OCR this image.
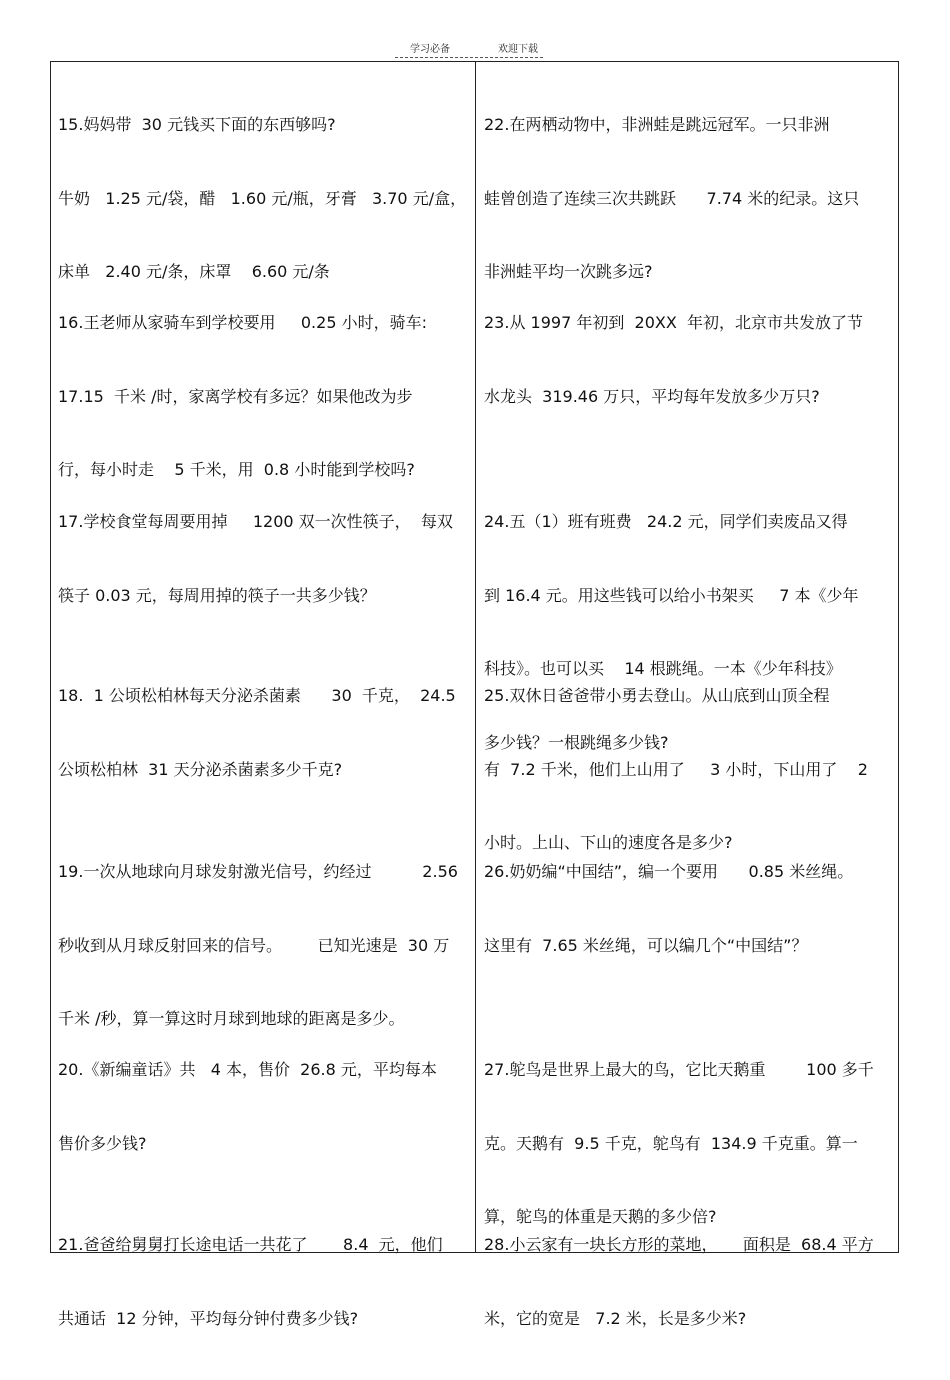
学习必备	欢迎下载

15.妈妈带  30 元钱买下面的东西够吗?

牛奶   1.25 元/袋，醋   1.60 元/瓶，牙膏   3.70 元/盒，

床单   2.40 元/条，床罩    6.60 元/条

16.王老师从家骑车到学校要用     0.25 小时，骑车:

17.15  千米 /时，家离学校有多远？如果他改为步

行，每小时走    5 千米，用  0.8 小时能到学校吗?

17.学校食堂每周要用掉     1200 双一次性筷子，  每双

筷子 0.03 元，每周用掉的筷子一共多少钱？

18.  1 公顷松柏林每天分泌杀菌素      30  千克，  24.5

公顷松柏林  31 天分泌杀菌素多少千克?

19.一次从地球向月球发射激光信号，约经过          2.56

秒收到从月球反射回来的信号。       已知光速是  30 万

千米 /秒，算一算这时月球到地球的距离是多少。

20.《新编童话》共   4 本，售价  26.8 元，平均每本

售价多少钱?

21.爸爸给舅舅打长途电话一共花了       8.4  元，他们

共通话  12 分钟，平均每分钟付费多少钱?

22.在两栖动物中，非洲蛙是跳远冠军。一只非洲

蛙曾创造了连续三次共跳跃      7.74 米的纪录。这只

非洲蛙平均一次跳多远?

23.从 1997 年初到  20XX  年初，北京市共发放了节

水龙头  319.46 万只，平均每年发放多少万只?

24.五（1）班有班费   24.2 元，同学们卖废品又得

到 16.4 元。用这些钱可以给小书架买     7 本《少年

科技》。也可以买    14 根跳绳。一本《少年科技》

多少钱？一根跳绳多少钱?

25.双休日爸爸带小勇去登山。从山底到山顶全程

有  7.2 千米，他们上山用了     3 小时，下山用了    2

小时。上山、下山的速度各是多少?

26.奶奶编“中国结”，编一个要用      0.85 米丝绳。

这里有  7.65 米丝绳，可以编几个“中国结”？

27.鸵鸟是世界上最大的鸟，它比天鹅重        100 多千

克。天鹅有  9.5 千克，鸵鸟有  134.9 千克重。算一

算，鸵鸟的体重是天鹅的多少倍?

28.小云家有一块长方形的菜地，     面积是  68.4 平方

米，它的宽是   7.2 米，长是多少米?
